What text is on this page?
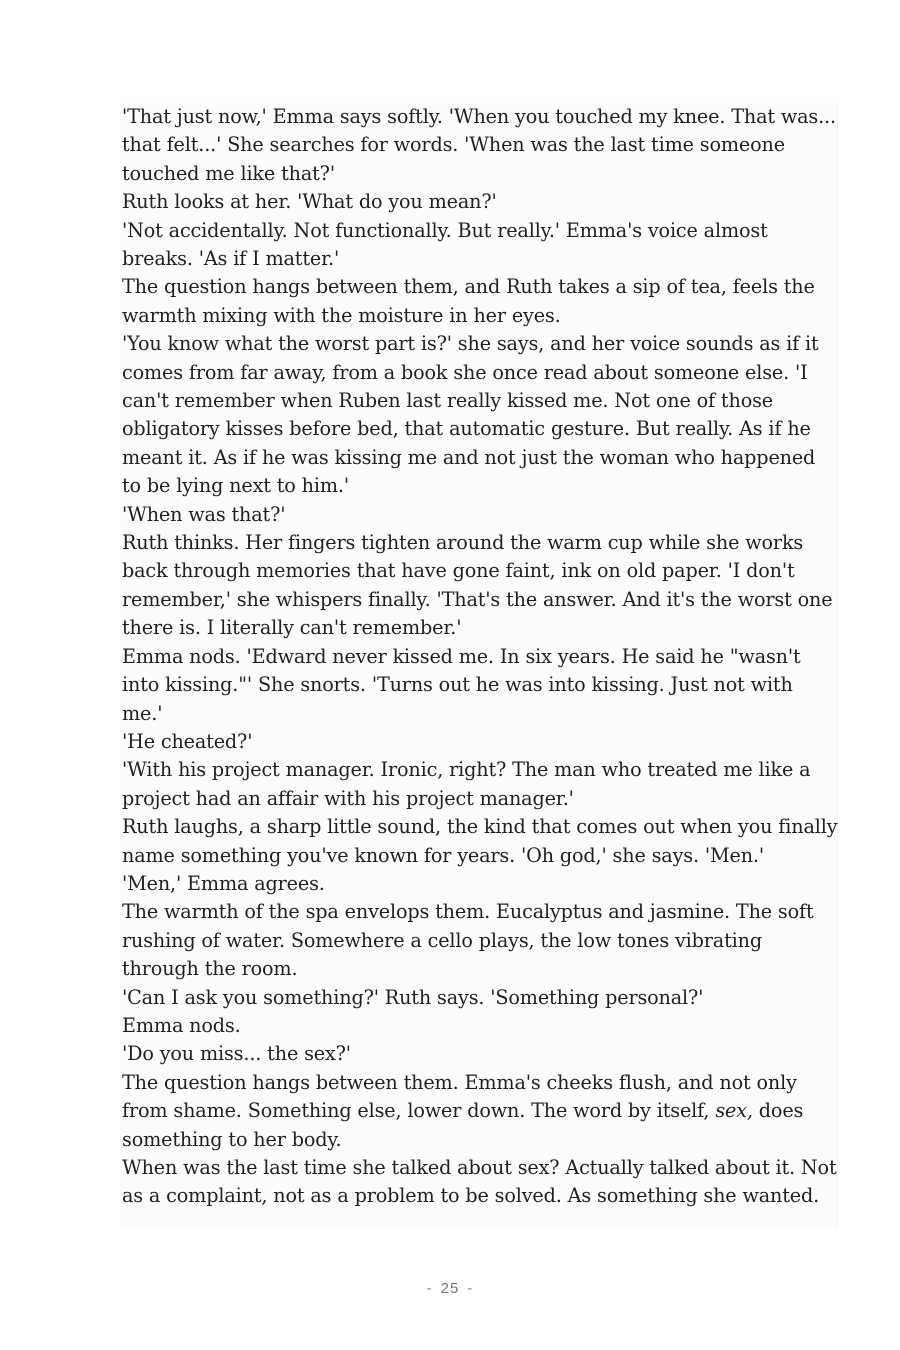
'That just now,' Emma says softly. 'When you touched my knee. That was... that felt...' She searches for words. 'When was the last time someone touched me like that?'

Ruth looks at her. 'What do you mean?'

'Not accidentally. Not functionally. But really.' Emma's voice almost breaks. 'As if I matter.'

The question hangs between them, and Ruth takes a sip of tea, feels the warmth mixing with the moisture in her eyes.

'You know what the worst part is?' she says, and her voice sounds as if it comes from far away, from a book she once read about someone else. 'I can't remember when Ruben last really kissed me. Not one of those obligatory kisses before bed, that automatic gesture. But really. As if he meant it. As if he was kissing me and not just the woman who happened to be lying next to him.'

'When was that?'

Ruth thinks. Her fingers tighten around the warm cup while she works back through memories that have gone faint, ink on old paper. 'I don't remember,' she whispers finally. 'That's the answer. And it's the worst one there is. I literally can't remember.'

Emma nods. 'Edward never kissed me. In six years. He said he "wasn't into kissing."' She snorts. 'Turns out he was into kissing. Just not with me.'

'He cheated?'

'With his project manager. Ironic, right? The man who treated me like a project had an affair with his project manager.'

Ruth laughs, a sharp little sound, the kind that comes out when you finally name something you've known for years. 'Oh god,' she says. 'Men.'

'Men,' Emma agrees.

The warmth of the spa envelops them. Eucalyptus and jasmine. The soft rushing of water. Somewhere a cello plays, the low tones vibrating through the room.

'Can I ask you something?' Ruth says. 'Something personal?'

Emma nods.

'Do you miss... the sex?'

The question hangs between them. Emma's cheeks flush, and not only from shame. Something else, lower down. The word by itself, sex, does something to her body.

When was the last time she talked about sex? Actually talked about it. Not as a complaint, not as a problem to be solved. As something she wanted.

- 25 -
